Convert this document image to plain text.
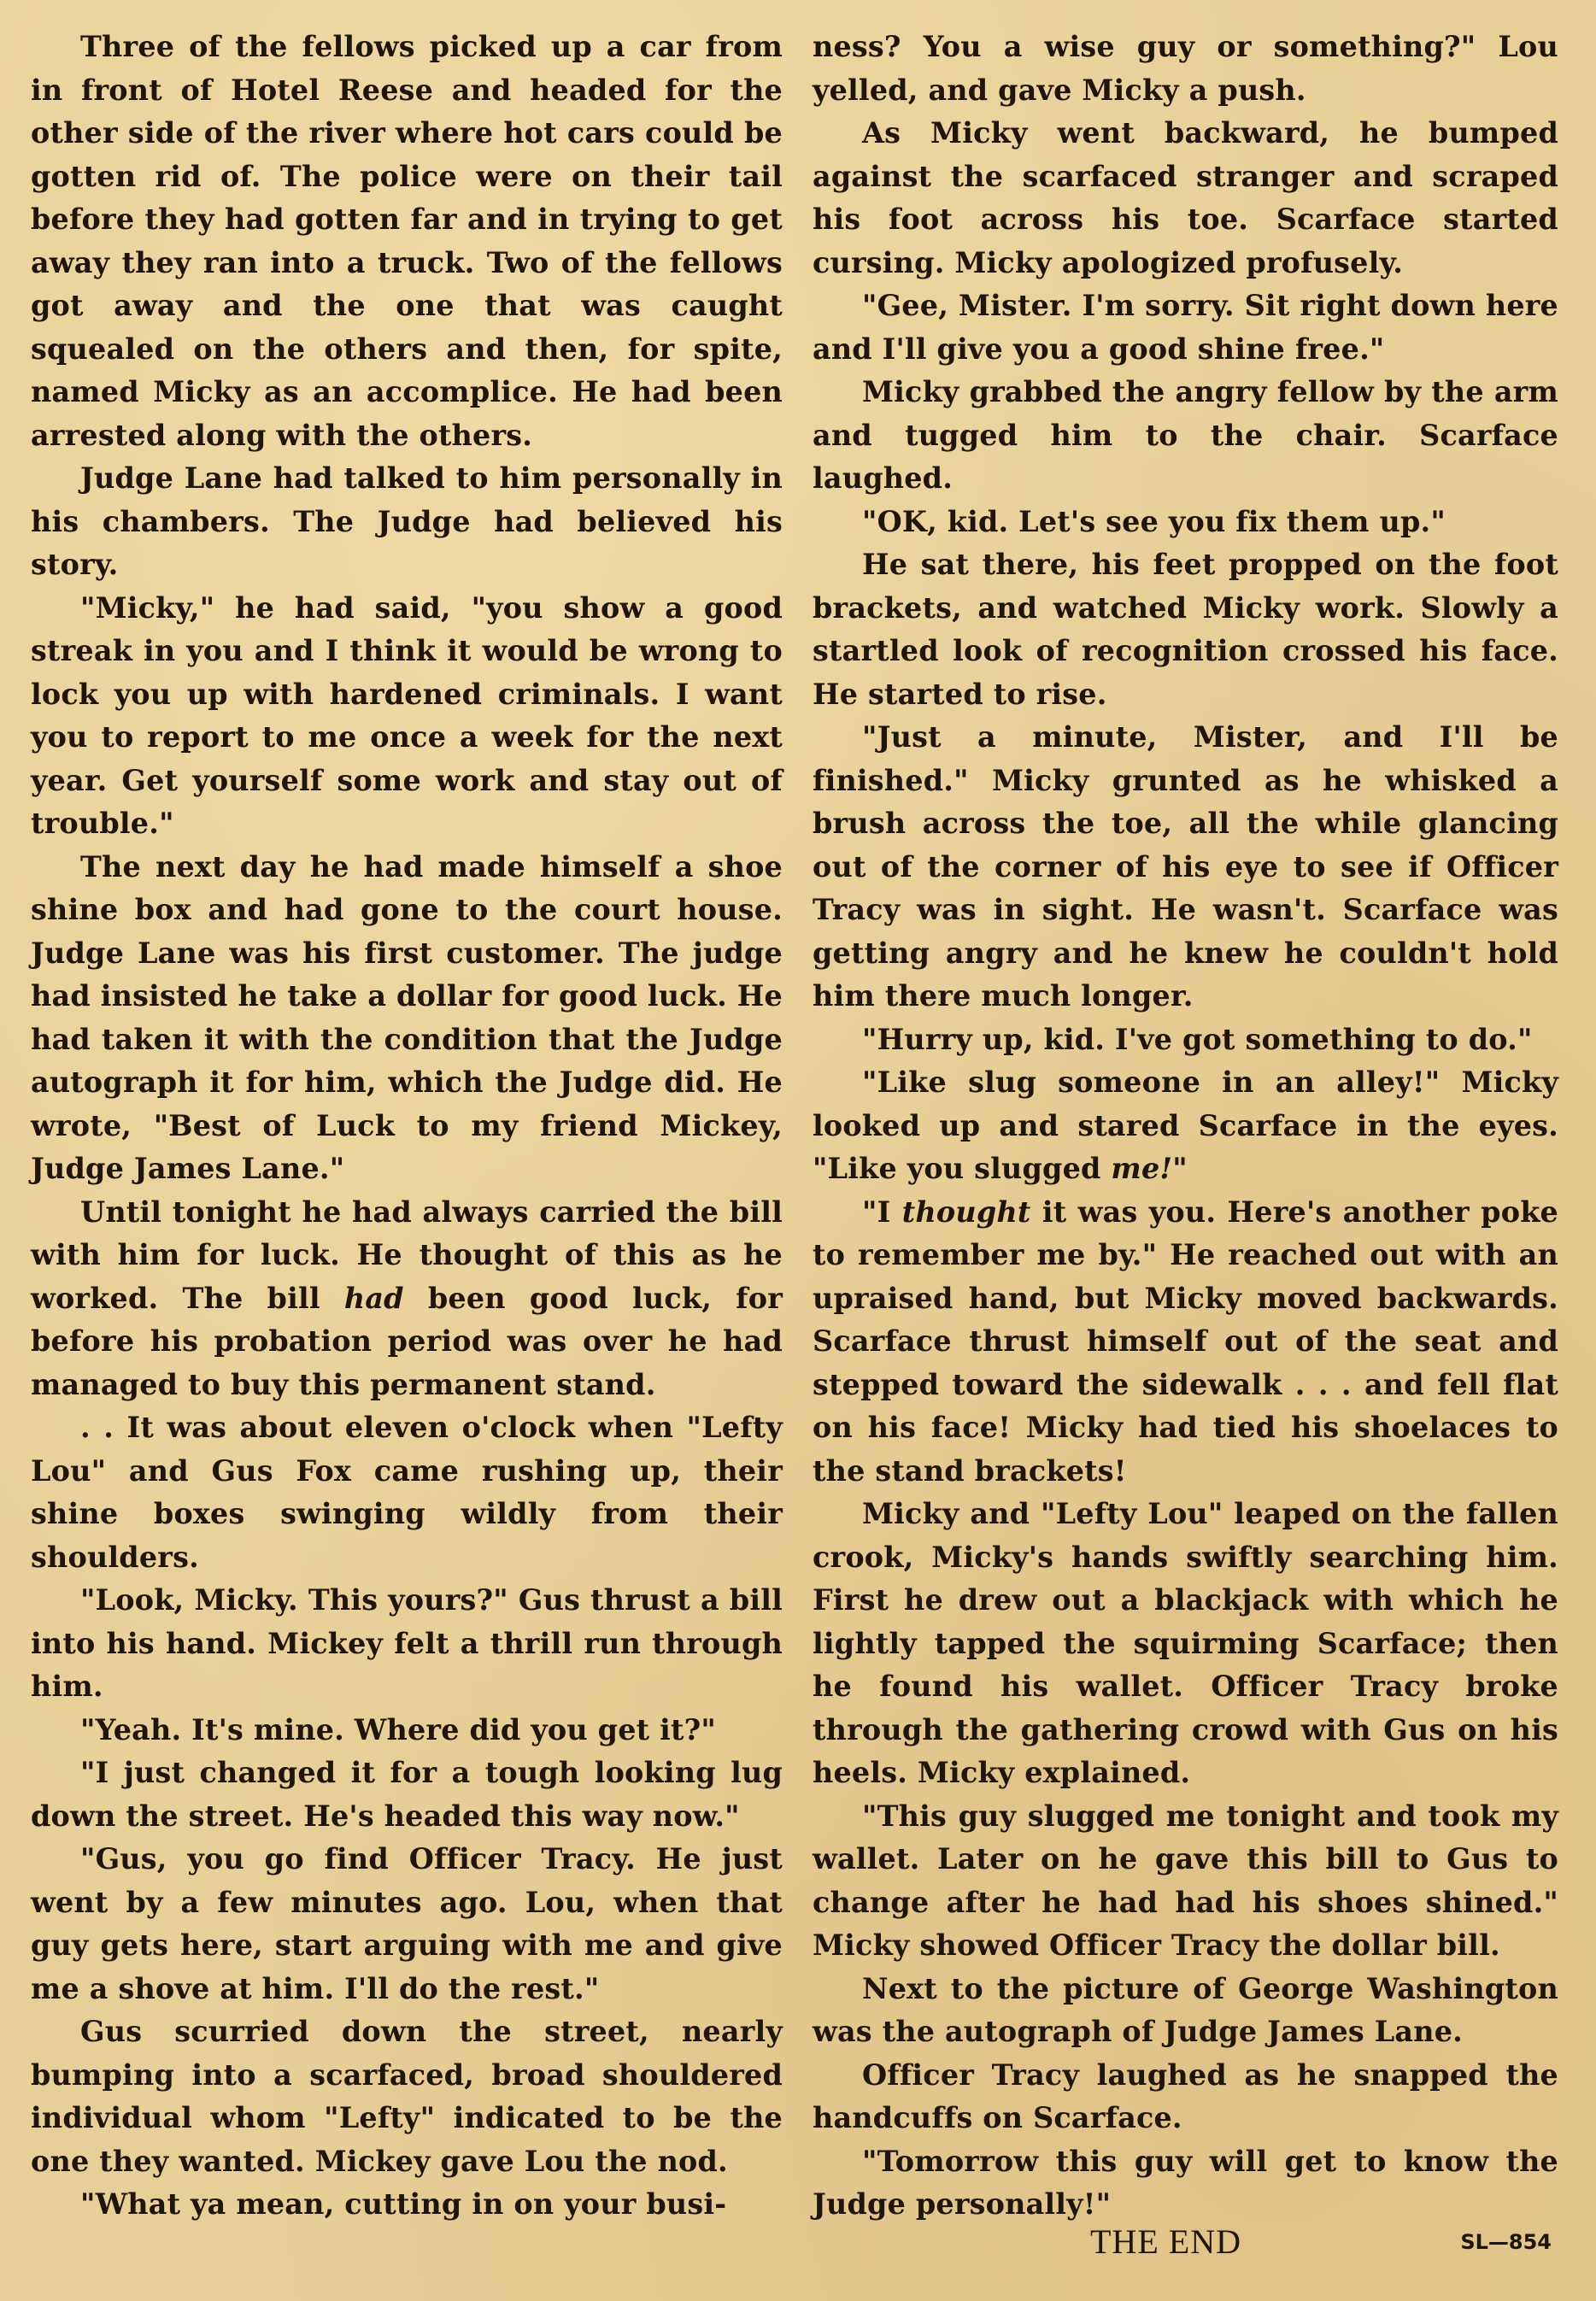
Three of the fellows picked up a car from in front of Hotel Reese and headed for the other side of the river where hot cars could be gotten rid of. The police were on their tail before they had gotten far and in trying to get away they ran into a truck. Two of the fellows got away and the one that was caught squealed on the others and then, for spite, named Micky as an accomplice. He had been arrested along with the others.

Judge Lane had talked to him personally in his chambers. The Judge had believed his story.

"Micky," he had said, "you show a good streak in you and I think it would be wrong to lock you up with hardened criminals. I want you to report to me once a week for the next year. Get yourself some work and stay out of trouble."

The next day he had made himself a shoe shine box and had gone to the court house. Judge Lane was his first customer. The judge had insisted he take a dollar for good luck. He had taken it with the condition that the Judge autograph it for him, which the Judge did. He wrote, "Best of Luck to my friend Mickey, Judge James Lane."

Until tonight he had always carried the bill with him for luck. He thought of this as he worked. The bill had been good luck, for before his probation period was over he had managed to buy this permanent stand.

. . It was about eleven o'clock when "Lefty Lou" and Gus Fox came rushing up, their shine boxes swinging wildly from their shoulders.

"Look, Micky. This yours?" Gus thrust a bill into his hand. Mickey felt a thrill run through him.

"Yeah. It's mine. Where did you get it?"

"I just changed it for a tough looking lug down the street. He's headed this way now."

"Gus, you go find Officer Tracy. He just went by a few minutes ago. Lou, when that guy gets here, start arguing with me and give me a shove at him. I'll do the rest."

Gus scurried down the street, nearly bumping into a scarfaced, broad shouldered individual whom "Lefty" indicated to be the one they wanted. Mickey gave Lou the nod.

"What ya mean, cutting in on your busi-

ness? You a wise guy or something?" Lou yelled, and gave Micky a push.

As Micky went backward, he bumped against the scarfaced stranger and scraped his foot across his toe. Scarface started cursing. Micky apologized profusely.

"Gee, Mister. I'm sorry. Sit right down here and I'll give you a good shine free."

Micky grabbed the angry fellow by the arm and tugged him to the chair. Scarface laughed.

"OK, kid. Let's see you fix them up."

He sat there, his feet propped on the foot brackets, and watched Micky work. Slowly a startled look of recognition crossed his face. He started to rise.

"Just a minute, Mister, and I'll be finished." Micky grunted as he whisked a brush across the toe, all the while glancing out of the corner of his eye to see if Officer Tracy was in sight. He wasn't. Scarface was getting angry and he knew he couldn't hold him there much longer.

"Hurry up, kid. I've got something to do."

"Like slug someone in an alley!" Micky looked up and stared Scarface in the eyes. "Like you slugged me!"

"I thought it was you. Here's another poke to remember me by." He reached out with an upraised hand, but Micky moved backwards. Scarface thrust himself out of the seat and stepped toward the sidewalk . . . and fell flat on his face! Micky had tied his shoelaces to the stand brackets!

Micky and "Lefty Lou" leaped on the fallen crook, Micky's hands swiftly searching him. First he drew out a blackjack with which he lightly tapped the squirming Scarface; then he found his wallet. Officer Tracy broke through the gathering crowd with Gus on his heels. Micky explained.

"This guy slugged me tonight and took my wallet. Later on he gave this bill to Gus to change after he had had his shoes shined." Micky showed Officer Tracy the dollar bill.

Next to the picture of George Washington was the autograph of Judge James Lane.

Officer Tracy laughed as he snapped the handcuffs on Scarface.

"Tomorrow this guy will get to know the Judge personally!"

THE END	SL—854
